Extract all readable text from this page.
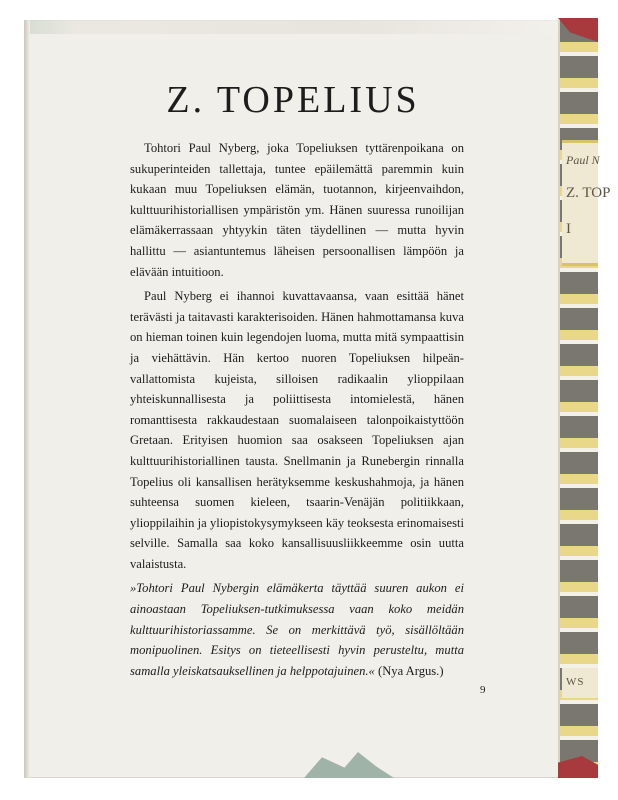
Paul N
Z. TOP
I
WS
Z. TOPELIUS

Tohtori Paul Nyberg, joka Topeliuksen tyttärenpoikana on sukuperinteiden tallettaja, tuntee epäilemättä paremmin kuin kukaan muu Topeliuksen elämän, tuotannon, kirjeenvaihdon, kulttuurihistoriallisen ympäristön ym. Hänen suuressa runoilijan elämäkerrassaan yhtyykin täten täydellinen — mutta hyvin hallittu — asiantuntemus läheisen persoonallisen lämpöön ja elävään intuitioon.

Paul Nyberg ei ihannoi kuvattavaansa, vaan esittää hänet terävästi ja taitavasti karakterisoiden. Hänen hahmottamansa kuva on hieman toinen kuin legendojen luoma, mutta mitä sympaattisin ja viehättävin. Hän kertoo nuoren Topeliuksen hilpeän-vallattomista kujeista, silloisen radikaalin ylioppilaan yhteiskunnallisesta ja poliittisesta intomielestä, hänen romanttisesta rakkaudestaan suomalaiseen talonpoikaistyttöön Gretaan. Erityisen huomion saa osakseen Topeliuksen ajan kulttuurihistoriallinen tausta. Snellmanin ja Runebergin rinnalla Topelius oli kansallisen herätyksemme keskushahmoja, ja hänen suhteensa suomen kieleen, tsaarin-Venäjän politiikkaan, ylioppilaihin ja yliopistokysymykseen käy teoksesta erinomaisesti selville. Samalla saa koko kansallisuusliikkeemme osin uutta valaistusta.

»Tohtori Paul Nybergin elämäkerta täyttää suuren aukon ei ainoastaan Topeliuksen-tutkimuksessa vaan koko meidän kulttuurihistoriassamme. Se on merkittävä työ, sisällöltään monipuolinen. Esitys on tieteellisesti hyvin perusteltu, mutta samalla yleiskatsauksellinen ja helppotajuinen.« (Nya Argus.)

9
